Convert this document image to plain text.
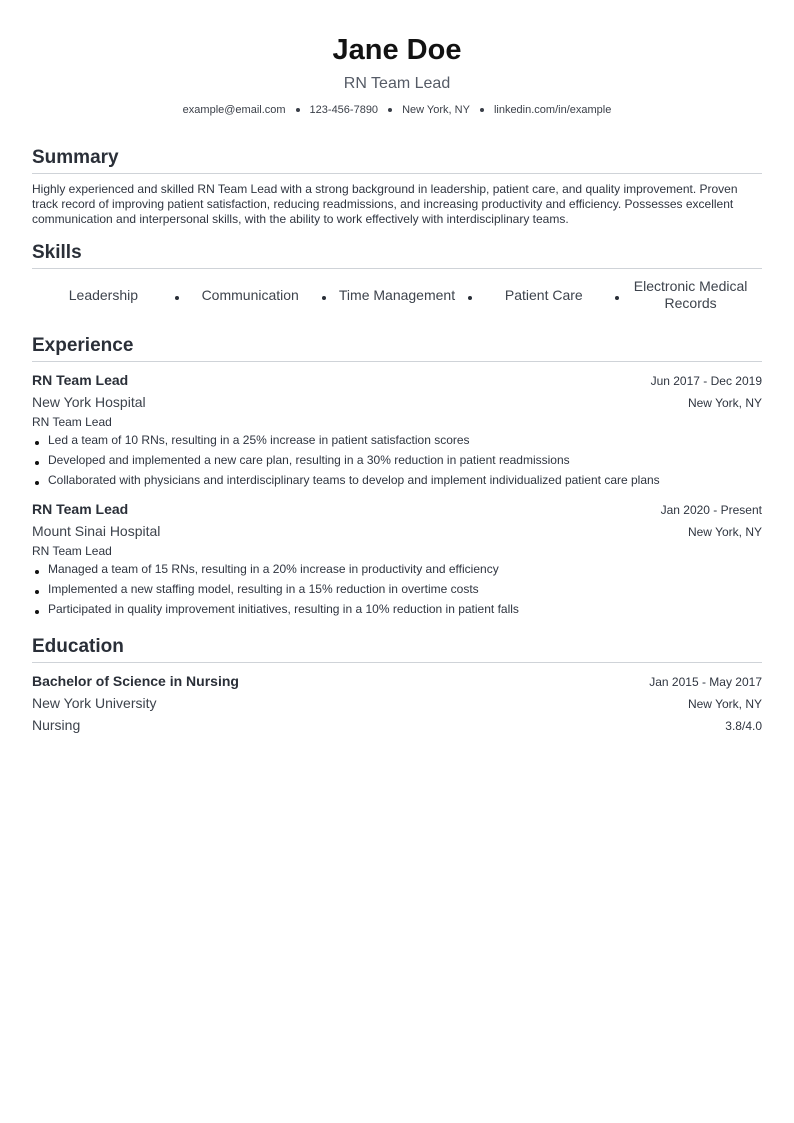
Jane Doe
RN Team Lead
example@email.com 123-456-7890 New York, NY linkedin.com/in/example
Summary
Highly experienced and skilled RN Team Lead with a strong background in leadership, patient care, and quality improvement. Proven track record of improving patient satisfaction, reducing readmissions, and increasing productivity and efficiency. Possesses excellent communication and interpersonal skills, with the ability to work effectively with interdisciplinary teams.
Skills
Leadership	Communication	Time Management	Patient Care
Electronic Medical Records
Experience
RN Team Lead	Jun 2017 - Dec 2019
New York Hospital	New York, NY
RN Team Lead
Led a team of 10 RNs, resulting in a 25% increase in patient satisfaction scores
Developed and implemented a new care plan, resulting in a 30% reduction in patient readmissions
Collaborated with physicians and interdisciplinary teams to develop and implement individualized patient care plans
RN Team Lead	Jan 2020 - Present
Mount Sinai Hospital	New York, NY
RN Team Lead
Managed a team of 15 RNs, resulting in a 20% increase in productivity and efficiency
Implemented a new staffing model, resulting in a 15% reduction in overtime costs
Participated in quality improvement initiatives, resulting in a 10% reduction in patient falls
Education
Bachelor of Science in Nursing	Jan 2015 - May 2017
New York University	New York, NY
Nursing	3.8/4.0
